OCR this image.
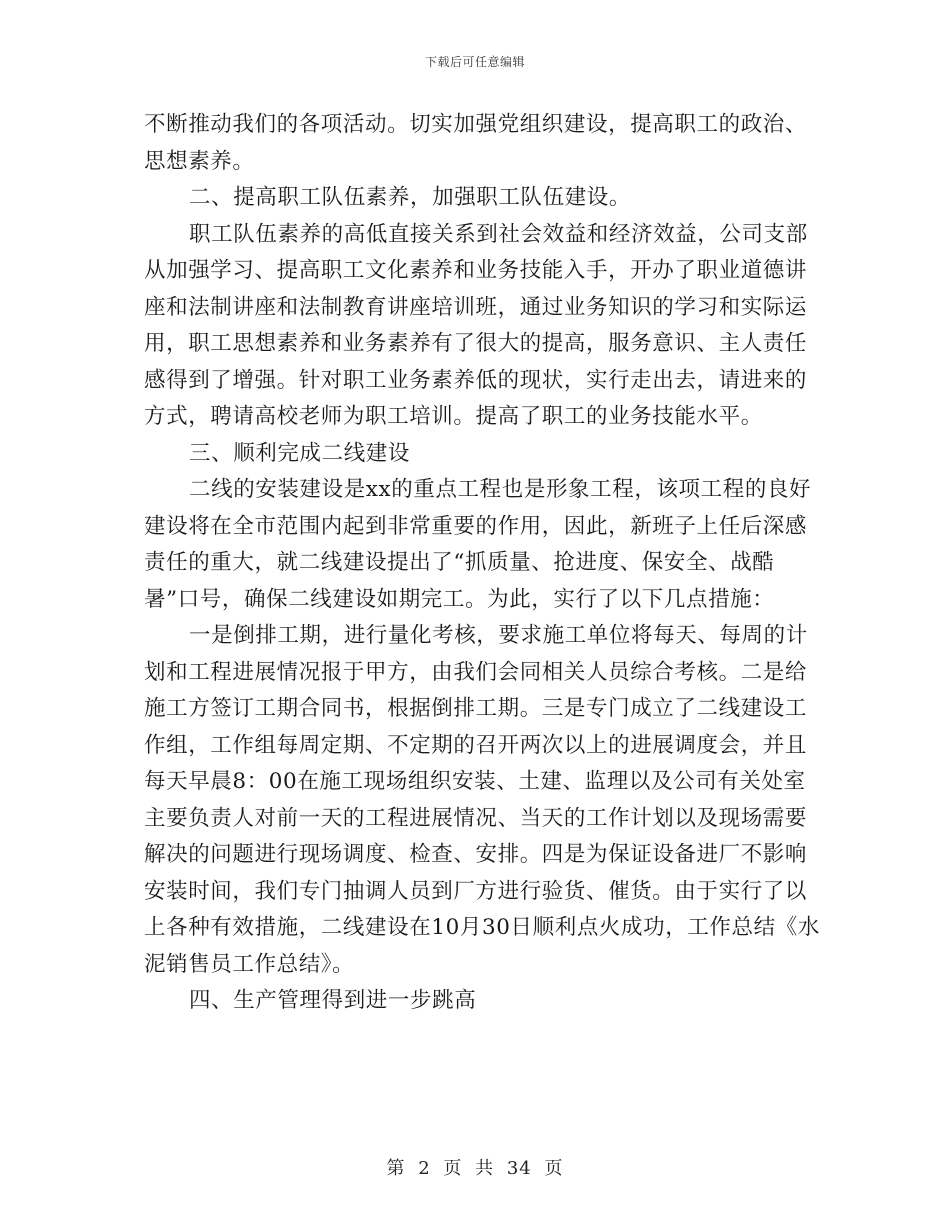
下载后可任意编辑
不断推动我们的各项活动。切实加强党组织建设，提高职工的政治、
思想素养。
二、提高职工队伍素养，加强职工队伍建设。
职工队伍素养的高低直接关系到社会效益和经济效益，公司支部
从加强学习、提高职工文化素养和业务技能入手，开办了职业道德讲
座和法制讲座和法制教育讲座培训班，通过业务知识的学习和实际运
用，职工思想素养和业务素养有了很大的提高，服务意识、主人责任
感得到了增强。针对职工业务素养低的现状，实行走出去，请进来的
方式，聘请高校老师为职工培训。提高了职工的业务技能水平。
三、顺利完成二线建设
二线的安装建设是xx的重点工程也是形象工程，该项工程的良好
建设将在全市范围内起到非常重要的作用，因此，新班子上任后深感
责任的重大，就二线建设提出了“抓质量、抢进度、保安全、战酷
暑”口号，确保二线建设如期完工。为此，实行了以下几点措施：
一是倒排工期，进行量化考核，要求施工单位将每天、每周的计
划和工程进展情况报于甲方，由我们会同相关人员综合考核。二是给
施工方签订工期合同书，根据倒排工期。三是专门成立了二线建设工
作组，工作组每周定期、不定期的召开两次以上的进展调度会，并且
每天早晨8：00在施工现场组织安装、土建、监理以及公司有关处室
主要负责人对前一天的工程进展情况、当天的工作计划以及现场需要
解决的问题进行现场调度、检查、安排。四是为保证设备进厂不影响
安装时间，我们专门抽调人员到厂方进行验货、催货。由于实行了以
上各种有效措施，二线建设在10月30日顺利点火成功，工作总结《水
泥销售员工作总结》。
四、生产管理得到进一步跳高
第 2 页 共 34 页
